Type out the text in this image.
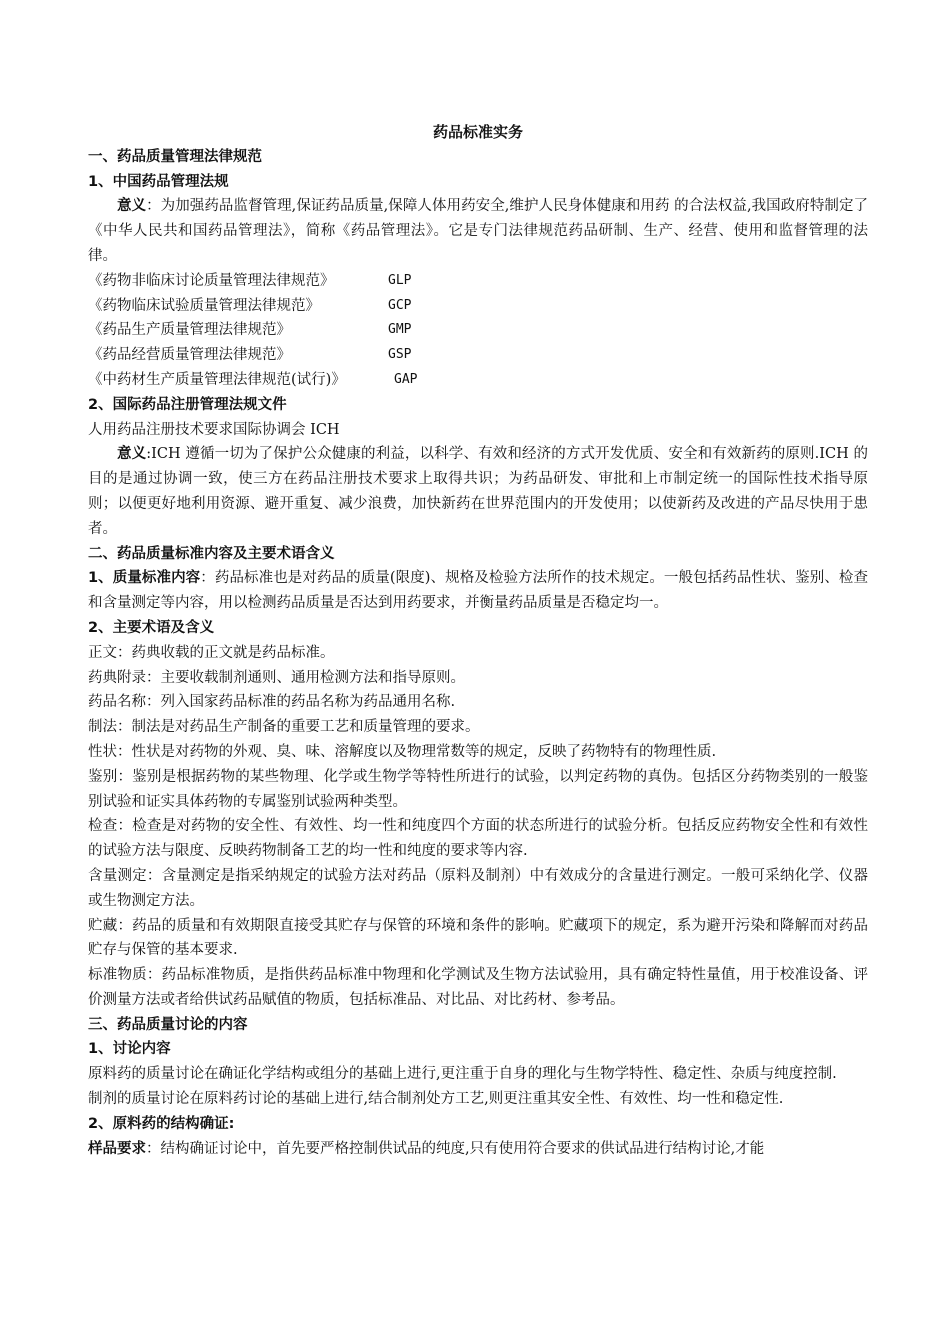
药品标准实务
一、药品质量管理法律规范
1、中国药品管理法规
意义：为加强药品监督管理,保证药品质量,保障人体用药安全,维护人民身体健康和用药 的合法权益,我国政府特制定了《中华人民共和国药品管理法》，简称《药品管理法》。它是专门法律规范药品研制、生产、经营、使用和监督管理的法律。
《药物非临床讨论质量管理法律规范》	GLP
《药物临床试验质量管理法律规范》	GCP
《药品生产质量管理法律规范》	GMP
《药品经营质量管理法律规范》	GSP
《中药材生产质量管理法律规范(试行)》	GAP
2、国际药品注册管理法规文件
人用药品注册技术要求国际协调会 ICH
意义:ICH 遵循一切为了保护公众健康的利益，以科学、有效和经济的方式开发优质、安全和有效新药的原则.ICH 的目的是通过协调一致，使三方在药品注册技术要求上取得共识；为药品研发、审批和上市制定统一的国际性技术指导原则；以便更好地利用资源、避开重复、减少浪费，加快新药在世界范围内的开发使用；以使新药及改进的产品尽快用于患者。
二、药品质量标准内容及主要术语含义
1、质量标准内容：药品标准也是对药品的质量(限度)、规格及检验方法所作的技术规定。一般包括药品性状、鉴别、检查和含量测定等内容，用以检测药品质量是否达到用药要求，并衡量药品质量是否稳定均一。
2、主要术语及含义
正文：药典收载的正文就是药品标准。
药典附录：主要收载制剂通则、通用检测方法和指导原则。
药品名称：列入国家药品标准的药品名称为药品通用名称.
制法：制法是对药品生产制备的重要工艺和质量管理的要求。
性状：性状是对药物的外观、臭、味、溶解度以及物理常数等的规定，反映了药物特有的物理性质.
鉴别：鉴别是根据药物的某些物理、化学或生物学等特性所进行的试验，以判定药物的真伪。包括区分药物类别的一般鉴别试验和证实具体药物的专属鉴别试验两种类型。
检查：检查是对药物的安全性、有效性、均一性和纯度四个方面的状态所进行的试验分析。包括反应药物安全性和有效性的试验方法与限度、反映药物制备工艺的均一性和纯度的要求等内容.
含量测定：含量测定是指采纳规定的试验方法对药品（原料及制剂）中有效成分的含量进行测定。一般可采纳化学、仪器或生物测定方法。
贮藏：药品的质量和有效期限直接受其贮存与保管的环境和条件的影响。贮藏项下的规定，系为避开污染和降解而对药品贮存与保管的基本要求.
标准物质：药品标准物质，是指供药品标准中物理和化学测试及生物方法试验用，具有确定特性量值，用于校准设备、评价测量方法或者给供试药品赋值的物质，包括标准品、对比品、对比药材、参考品。
三、药品质量讨论的内容
1、讨论内容
原料药的质量讨论在确证化学结构或组分的基础上进行,更注重于自身的理化与生物学特性、稳定性、杂质与纯度控制.
制剂的质量讨论在原料药讨论的基础上进行,结合制剂处方工艺,则更注重其安全性、有效性、均一性和稳定性.
2、原料药的结构确证:
样品要求：结构确证讨论中，首先要严格控制供试品的纯度,只有使用符合要求的供试品进行结构讨论,才能
